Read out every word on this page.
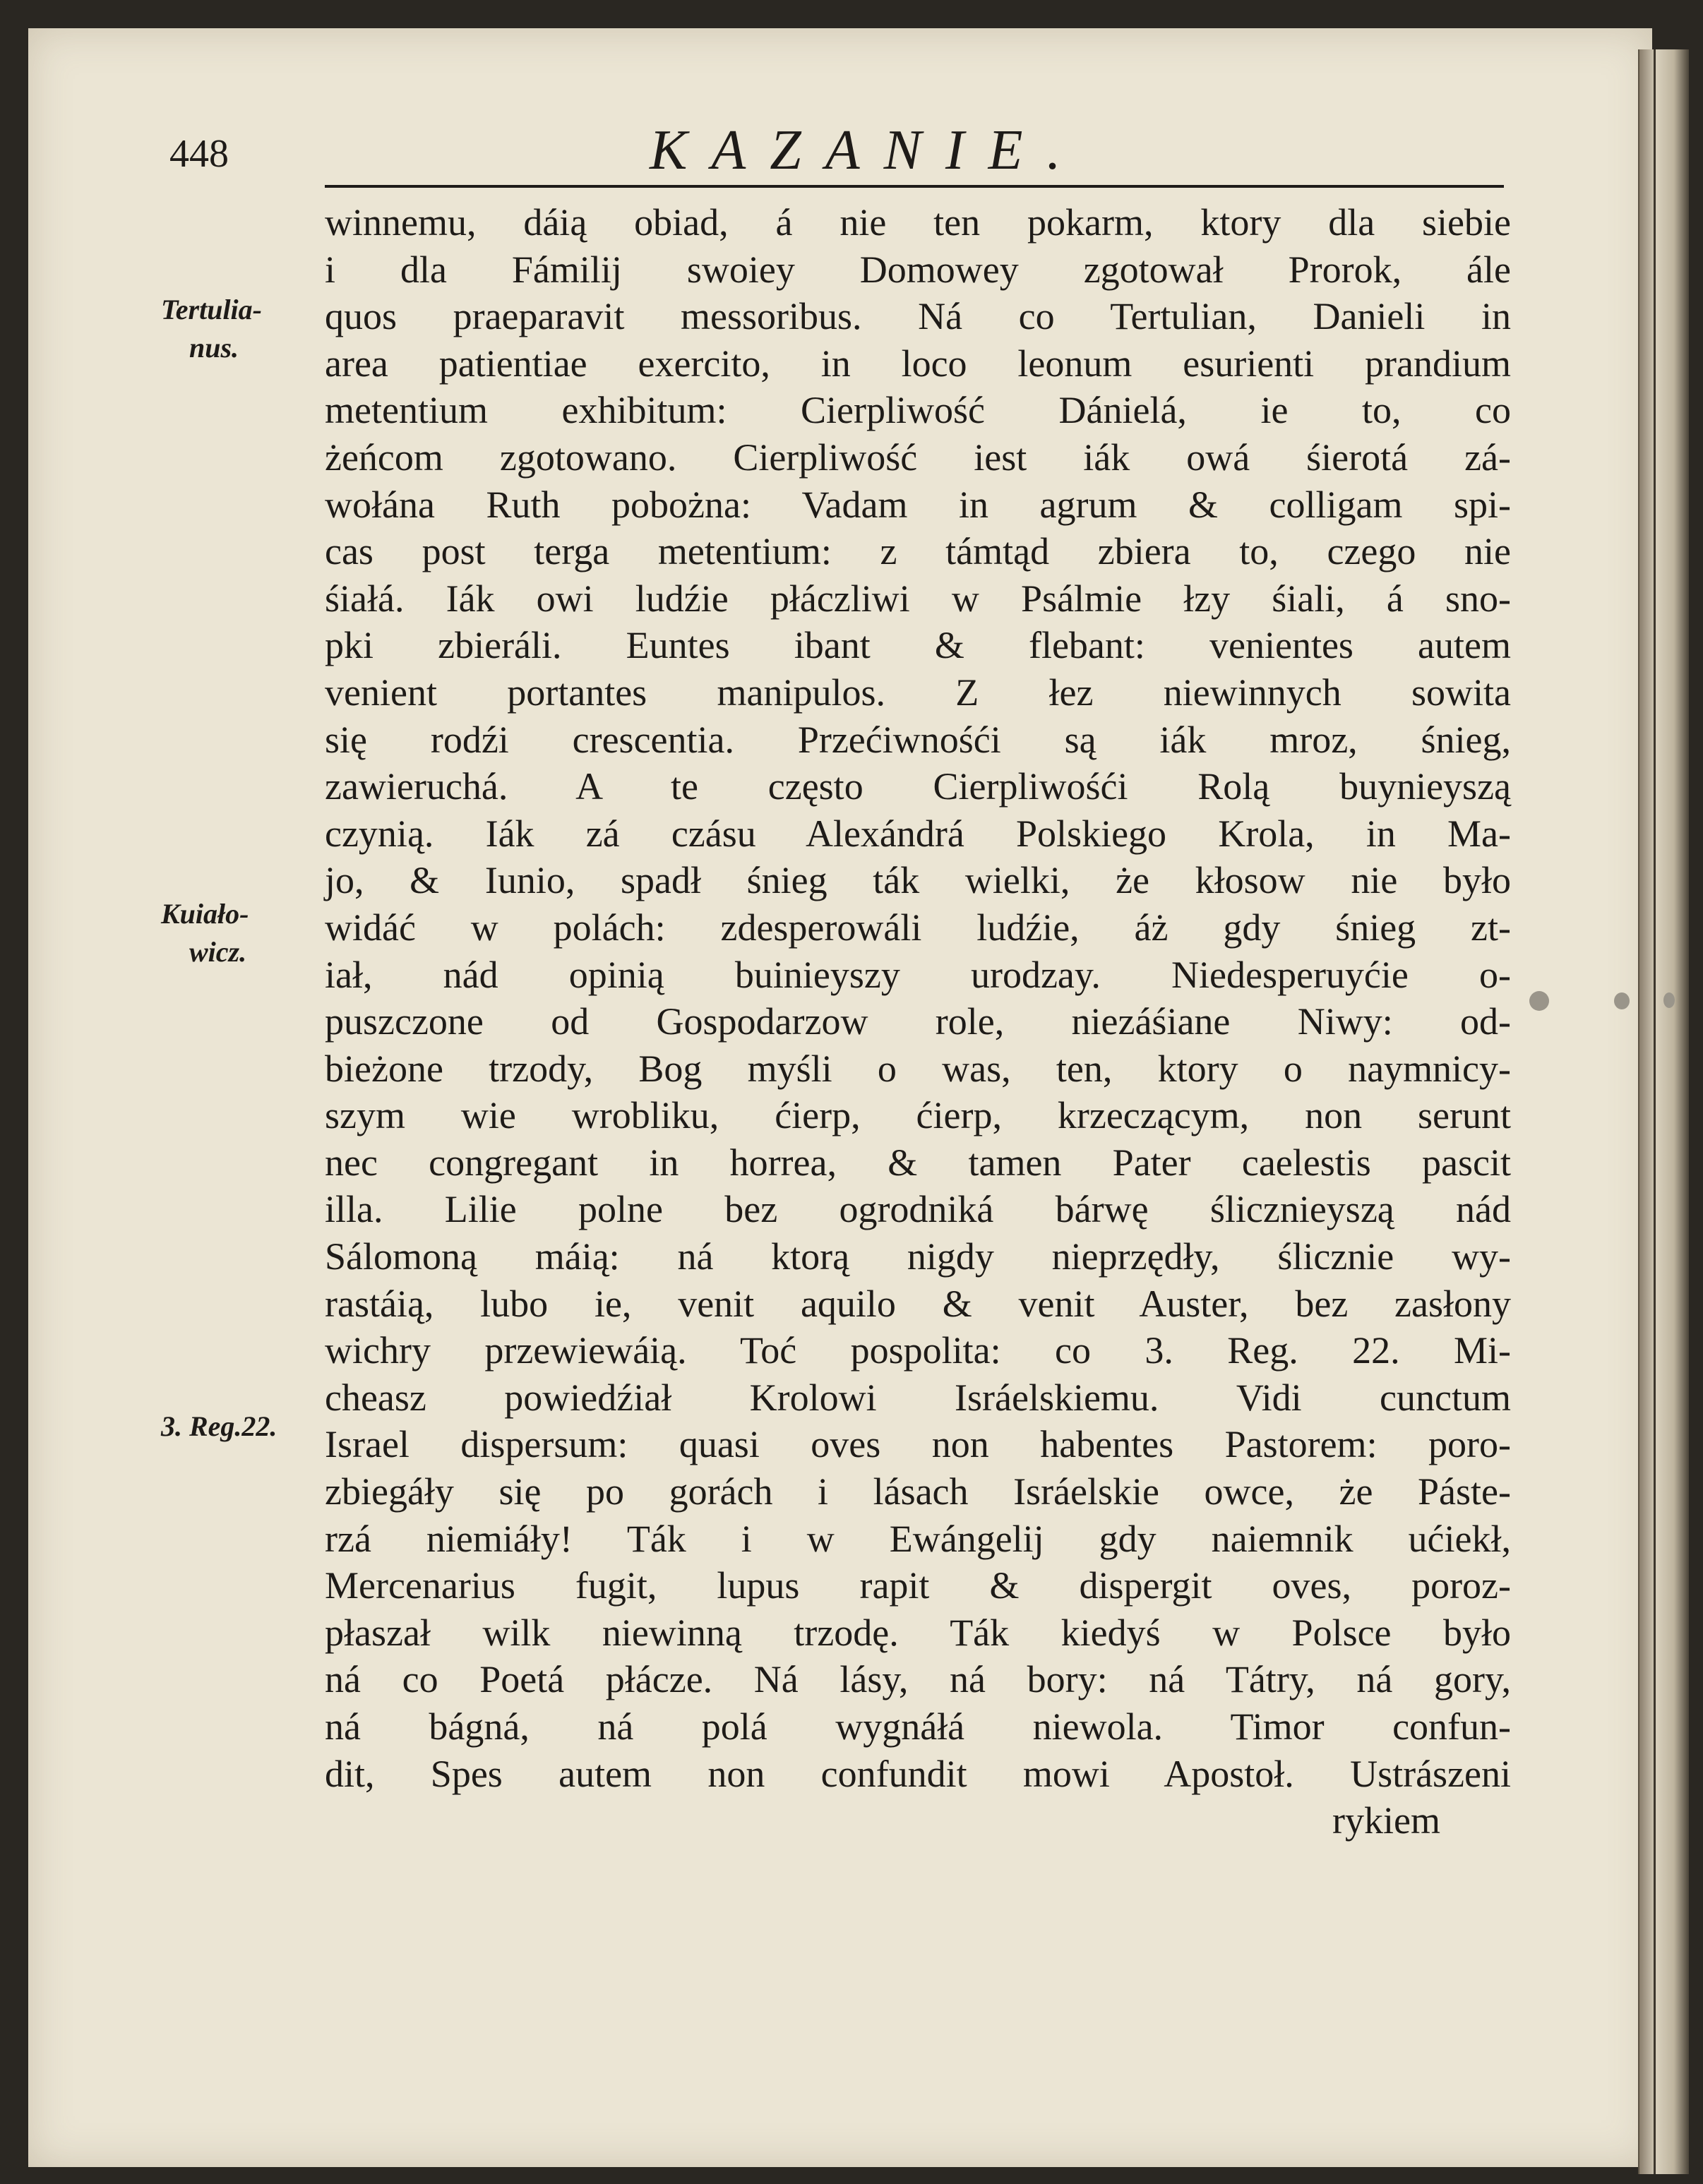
448	KAZANIE.
Tertulia-
nus.
Kuiało-
wicz.
3. Reg.22.
winnemu, dáią obiad, á nie ten pokarm, ktory dla siebie
i dla Fámilij swoiey Domowey zgotował Prorok, ále
quos praeparavit messoribus. Ná co Tertulian, Danieli in
area patientiae exercito, in loco leonum esurienti prandium
metentium exhibitum: Cierpliwość Dánielá, ie to, co
żeńcom zgotowano. Cierpliwość iest iák owá śierotá zá-
wołána Ruth pobożna: Vadam in agrum & colligam spi-
cas post terga metentium: z támtąd zbiera to, czego nie
śiałá. Iák owi ludźie płáczliwi w Psálmie łzy śiali, á sno-
pki zbieráli. Euntes ibant & flebant: venientes autem
venient portantes manipulos. Z łez niewinnych sowita
się rodźi crescentia. Przećiwnośći są iák mroz, śnieg,
zawieruchá. A te często Cierpliwośći Rolą buynieyszą
czynią. Iák zá czásu Alexándrá Polskiego Krola, in Ma-
jo, & Iunio, spadł śnieg ták wielki, że kłosow nie było
widáć w polách: zdesperowáli ludźie, áż gdy śnieg zt-
iał, nád opinią buinieyszy urodzay. Niedesperuyćie o-
puszczone od Gospodarzow role, niezáśiane Niwy: od-
bieżone trzody, Bog myśli o was, ten, ktory o naymnicy-
szym wie wrobliku, ćierp, ćierp, krzeczącym, non serunt
nec congregant in horrea, & tamen Pater caelestis pascit
illa. Lilie polne bez ogrodniká bárwę ślicznieyszą nád
Sálomoną máią: ná ktorą nigdy nieprzędły, ślicznie wy-
rastáią, lubo ie, venit aquilo & venit Auster, bez zasłony
wichry przewiewáią. Toć pospolita: co 3. Reg. 22. Mi-
cheasz powiedźiał Krolowi Isráelskiemu. Vidi cunctum
Israel dispersum: quasi oves non habentes Pastorem: poro-
zbiegáły się po gorách i lásach Isráelskie owce, że Páste-
rzá niemiáły! Ták i w Ewángelij gdy naiemnik ućiekł,
Mercenarius fugit, lupus rapit & dispergit oves, poroz-
płaszał wilk niewinną trzodę. Ták kiedyś w Polsce było
ná co Poetá płácze. Ná lásy, ná bory: ná Tátry, ná gory,
ná bágná, ná polá wygnáłá niewola. Timor confun-
dit, Spes autem non confundit mowi Apostoł. Ustrászeni
rykiem
